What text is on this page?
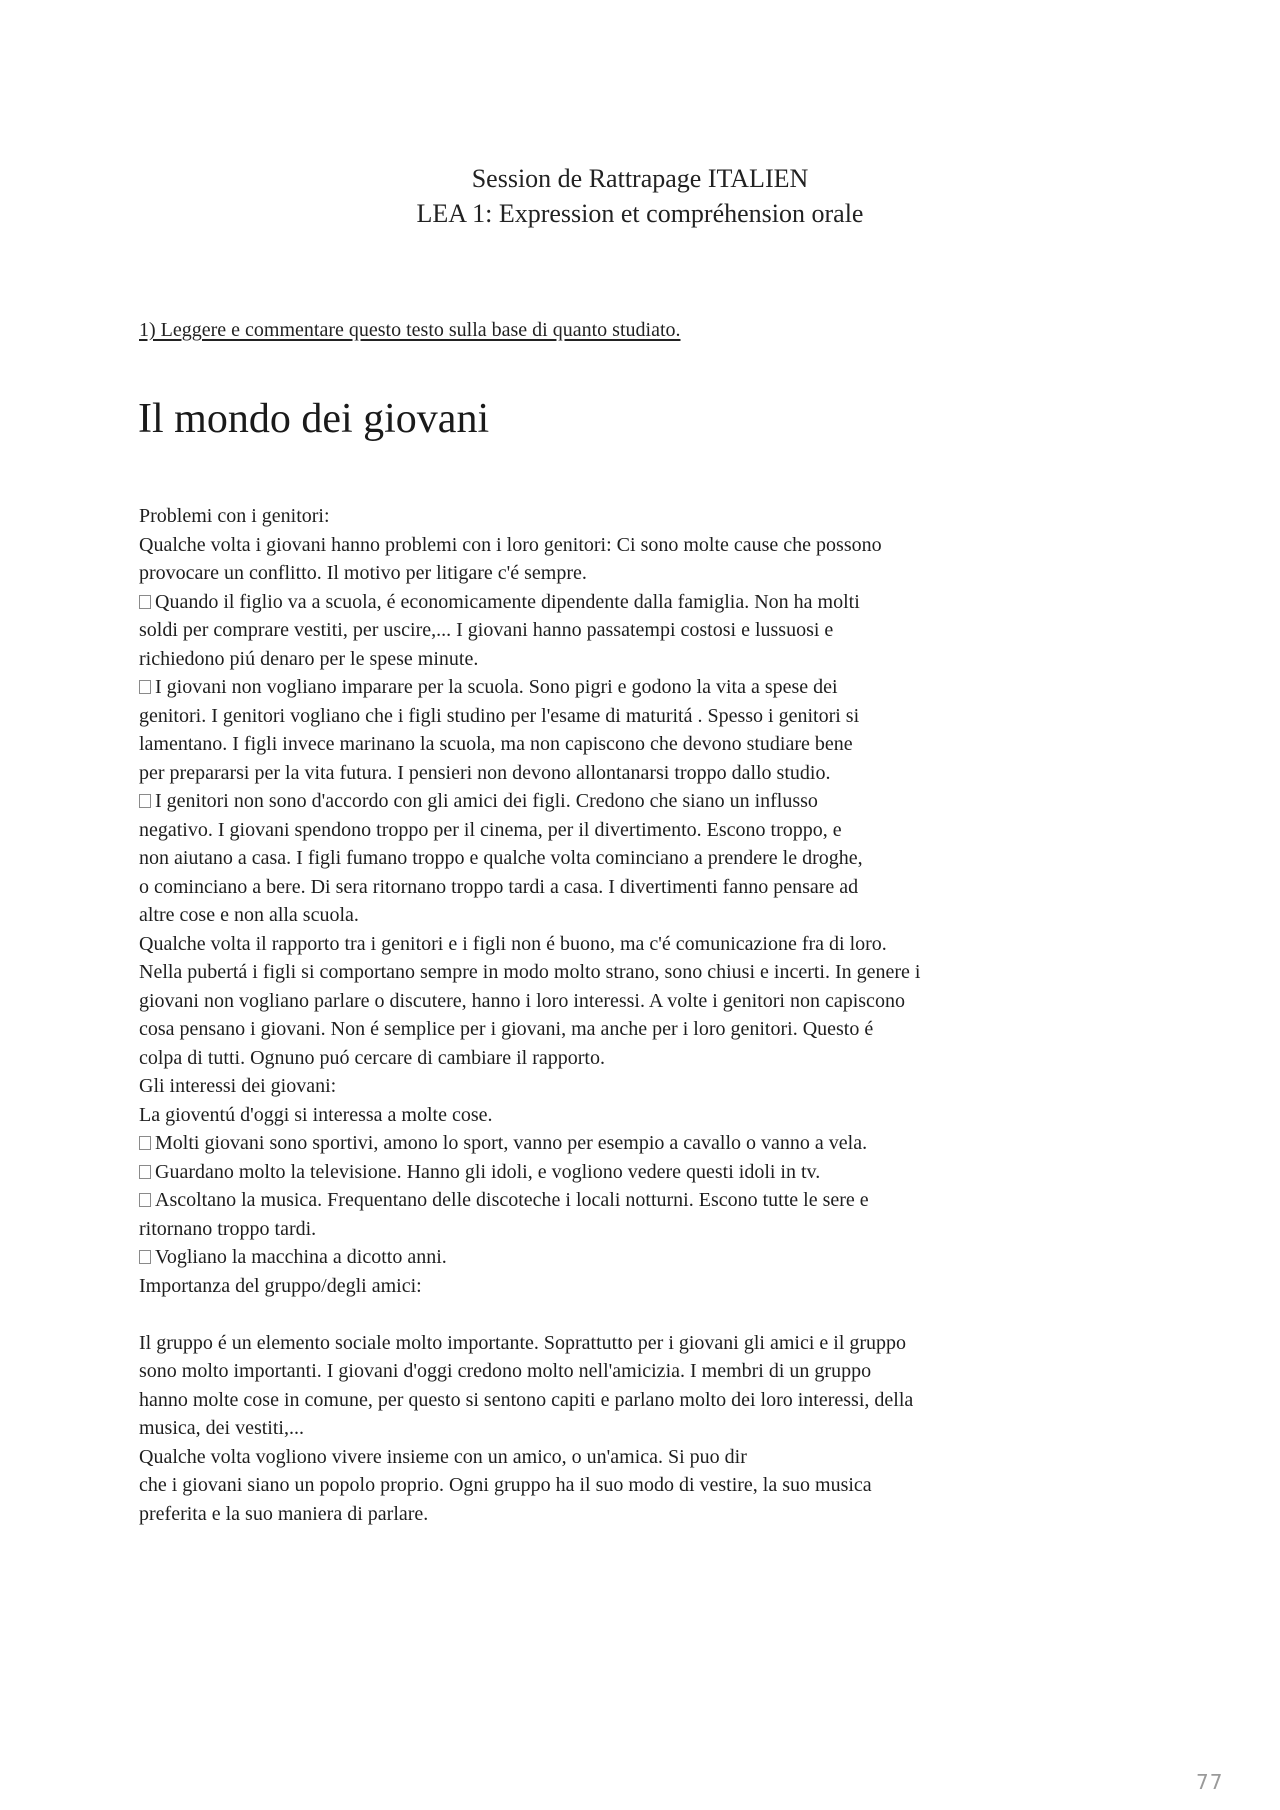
Session de Rattrapage ITALIEN
LEA 1: Expression et compréhension orale
1) Leggere e commentare questo testo sulla base di quanto studiato.
Il mondo dei giovani
Problemi con i genitori:
Qualche volta i giovani hanno problemi con i loro genitori: Ci sono molte cause che possono
provocare un conflitto. Il motivo per litigare c'é sempre.
Quando il figlio va a scuola, é economicamente dipendente dalla famiglia. Non ha molti
soldi per comprare vestiti, per uscire,... I giovani hanno passatempi costosi e lussuosi e
richiedono piú denaro per le spese minute.
I giovani non vogliano imparare per la scuola. Sono pigri e godono la vita a spese dei
genitori. I genitori vogliano che i figli studino per l'esame di maturitá . Spesso i genitori si
lamentano. I figli invece marinano la scuola, ma non capiscono che devono studiare bene
per prepararsi per la vita futura. I pensieri non devono allontanarsi troppo dallo studio.
I genitori non sono d'accordo con gli amici dei figli. Credono che siano un influsso
negativo. I giovani spendono troppo per il cinema, per il divertimento. Escono troppo, e
non aiutano a casa. I figli fumano troppo e qualche volta cominciano a prendere le droghe,
o cominciano a bere. Di sera ritornano troppo tardi a casa. I divertimenti fanno pensare ad
altre cose e non alla scuola.
Qualche volta il rapporto tra i genitori e i figli non é buono, ma c'é comunicazione fra di loro.
Nella pubertá i figli si comportano sempre in modo molto strano, sono chiusi e incerti. In genere i
giovani non vogliano parlare o discutere, hanno i loro interessi. A volte i genitori non capiscono
cosa pensano i giovani. Non é semplice per i giovani, ma anche per i loro genitori. Questo é
colpa di tutti. Ognuno puó cercare di cambiare il rapporto.
Gli interessi dei giovani:
La gioventú d'oggi si interessa a molte cose.
Molti giovani sono sportivi, amono lo sport, vanno per esempio a cavallo o vanno a vela.
Guardano molto la televisione. Hanno gli idoli, e vogliono vedere questi idoli in tv.
Ascoltano la musica. Frequentano delle discoteche i locali notturni. Escono tutte le sere e
ritornano troppo tardi.
Vogliano la macchina a dicotto anni.
Importanza del gruppo/degli amici:
Il gruppo é un elemento sociale molto importante. Soprattutto per i giovani gli amici e il gruppo
sono molto importanti. I giovani d'oggi credono molto nell'amicizia. I membri di un gruppo
hanno molte cose in comune, per questo si sentono capiti e parlano molto dei loro interessi, della
musica, dei vestiti,...
Qualche volta vogliono vivere insieme con un amico, o un'amica. Si puo dir
che i giovani siano un popolo proprio. Ogni gruppo ha il suo modo di vestire, la suo musica
preferita e la suo maniera di parlare.
77
